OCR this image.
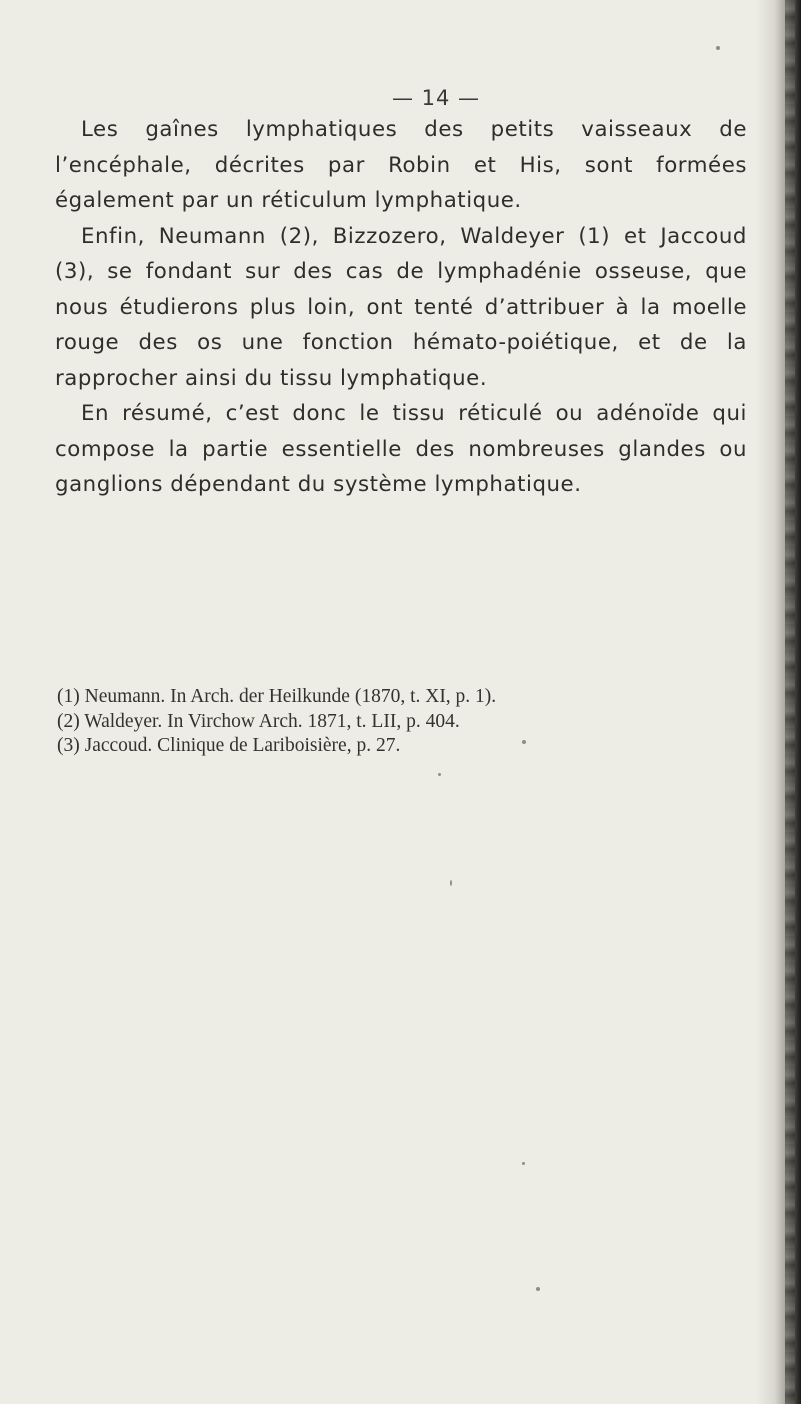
— 14 —

Les gaînes lymphatiques des petits vaisseaux de l’encéphale, décrites par Robin et His, sont formées également par un réticulum lymphatique.

Enfin, Neumann (2), Bizzozero, Waldeyer (1) et Jaccoud (3), se fondant sur des cas de lymphadénie osseuse, que nous étudierons plus loin, ont tenté d’attribuer à la moelle rouge des os une fonction hémato-poiétique, et de la rapprocher ainsi du tissu lymphatique.

En résumé, c’est donc le tissu réticulé ou adénoïde qui compose la partie essentielle des nombreuses glandes ou ganglions dépendant du système lymphatique.

(1) Neumann. In Arch. der Heilkunde (1870, t. XI, p. 1).
(2) Waldeyer. In Virchow Arch. 1871, t. LII, p. 404.
(3) Jaccoud. Clinique de Lariboisière, p. 27.
